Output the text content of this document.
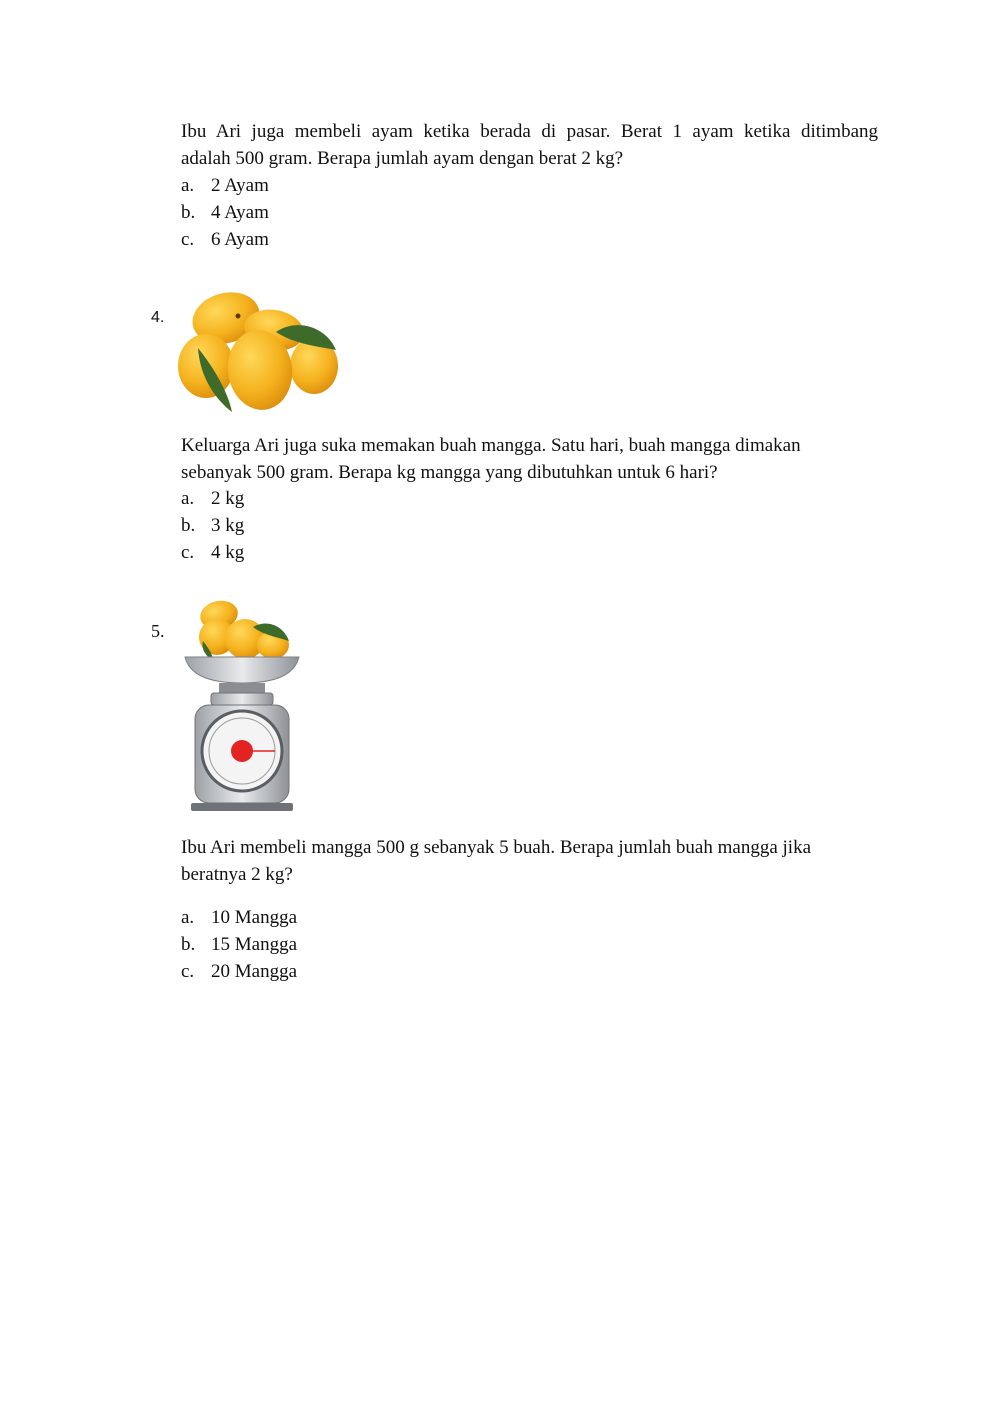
Ibu Ari juga membeli ayam ketika berada di pasar. Berat 1 ayam ketika ditimbang
adalah 500 gram. Berapa jumlah ayam dengan berat 2 kg?
a. 2 Ayam
b. 4 Ayam
c. 6 Ayam
4.
Keluarga Ari juga suka memakan buah mangga. Satu hari, buah mangga dimakan
sebanyak 500 gram. Berapa kg mangga yang dibutuhkan untuk 6 hari?
a. 2 kg
b. 3 kg
c. 4 kg
5.
Ibu Ari membeli mangga 500 g sebanyak 5 buah. Berapa jumlah buah mangga jika
beratnya 2 kg?
a. 10 Mangga
b. 15 Mangga
c. 20 Mangga
